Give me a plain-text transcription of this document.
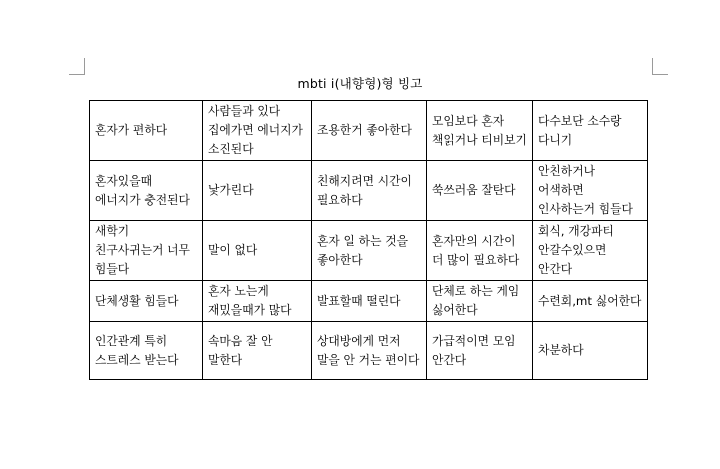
mbti i(내향형)형 빙고
혼자가 편하다	사람들과 있다 집에가면 에너지가 소진된다	조용한거 좋아한다	모임보다 혼자 책읽거나 티비보기	다수보단 소수랑 다니기
혼자있을때 에너지가 충전된다	낯가린다	친해지려면 시간이 필요하다	쑥쓰러움 잘탄다	안친하거나 어색하면 인사하는거 힘들다
새학기 친구사귀는거 너무 힘들다	말이 없다	혼자 일 하는 것을 좋아한다	혼자만의 시간이 더 많이 필요하다	회식, 개강파티 안갈수있으면 안간다
단체생활 힘들다	혼자 노는게 재밌을때가 많다	발표할때 떨린다	단체로 하는 게임 싫어한다	수련회,mt 싫어한다
인간관계 특히 스트레스 받는다	속마음 잘 안 말한다	상대방에게 먼저 말을 안 거는 편이다	가급적이면 모임 안간다	차분하다
